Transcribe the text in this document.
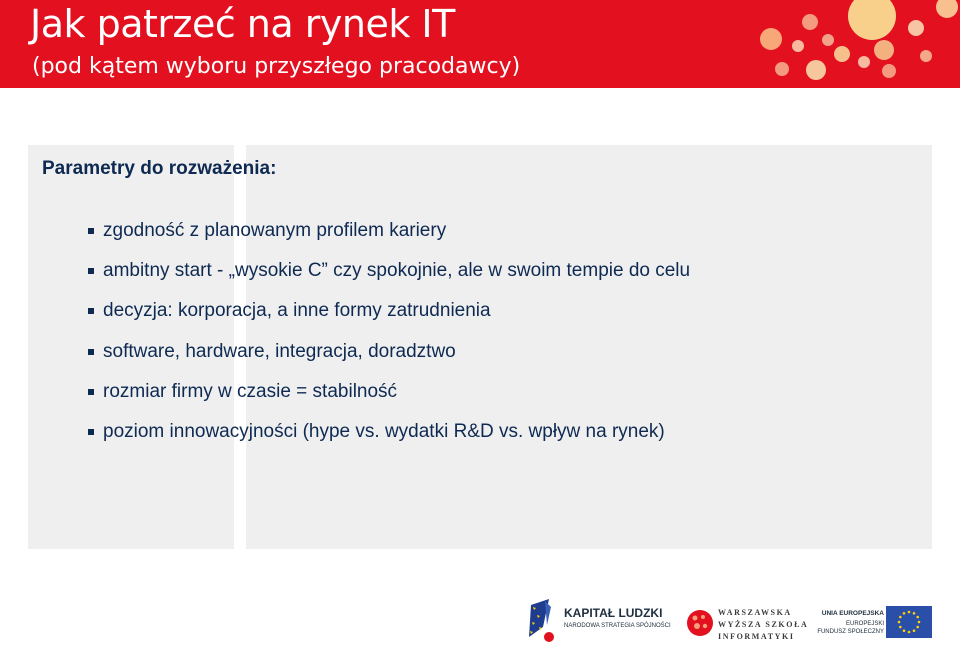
Jak patrzeć na rynek IT
(pod kątem wyboru przyszłego pracodawcy)
Parametry do rozważenia:
zgodność z planowanym profilem kariery
ambitny start - „wysokie C” czy spokojnie, ale w swoim tempie do celu
decyzja: korporacja, a inne formy zatrudnienia
software, hardware, integracja, doradztwo
rozmiar firmy w czasie = stabilność
poziom innowacyjności (hype vs. wydatki R&D vs. wpływ na rynek)
KAPITAŁ LUDZKI
NARODOWA STRATEGIA SPÓJNOŚCI
WARSZAWSKA
WYŻSZA SZKOŁA
INFORMATYKI
UNIA EUROPEJSKA
EUROPEJSKI
FUNDUSZ SPOŁECZNY
